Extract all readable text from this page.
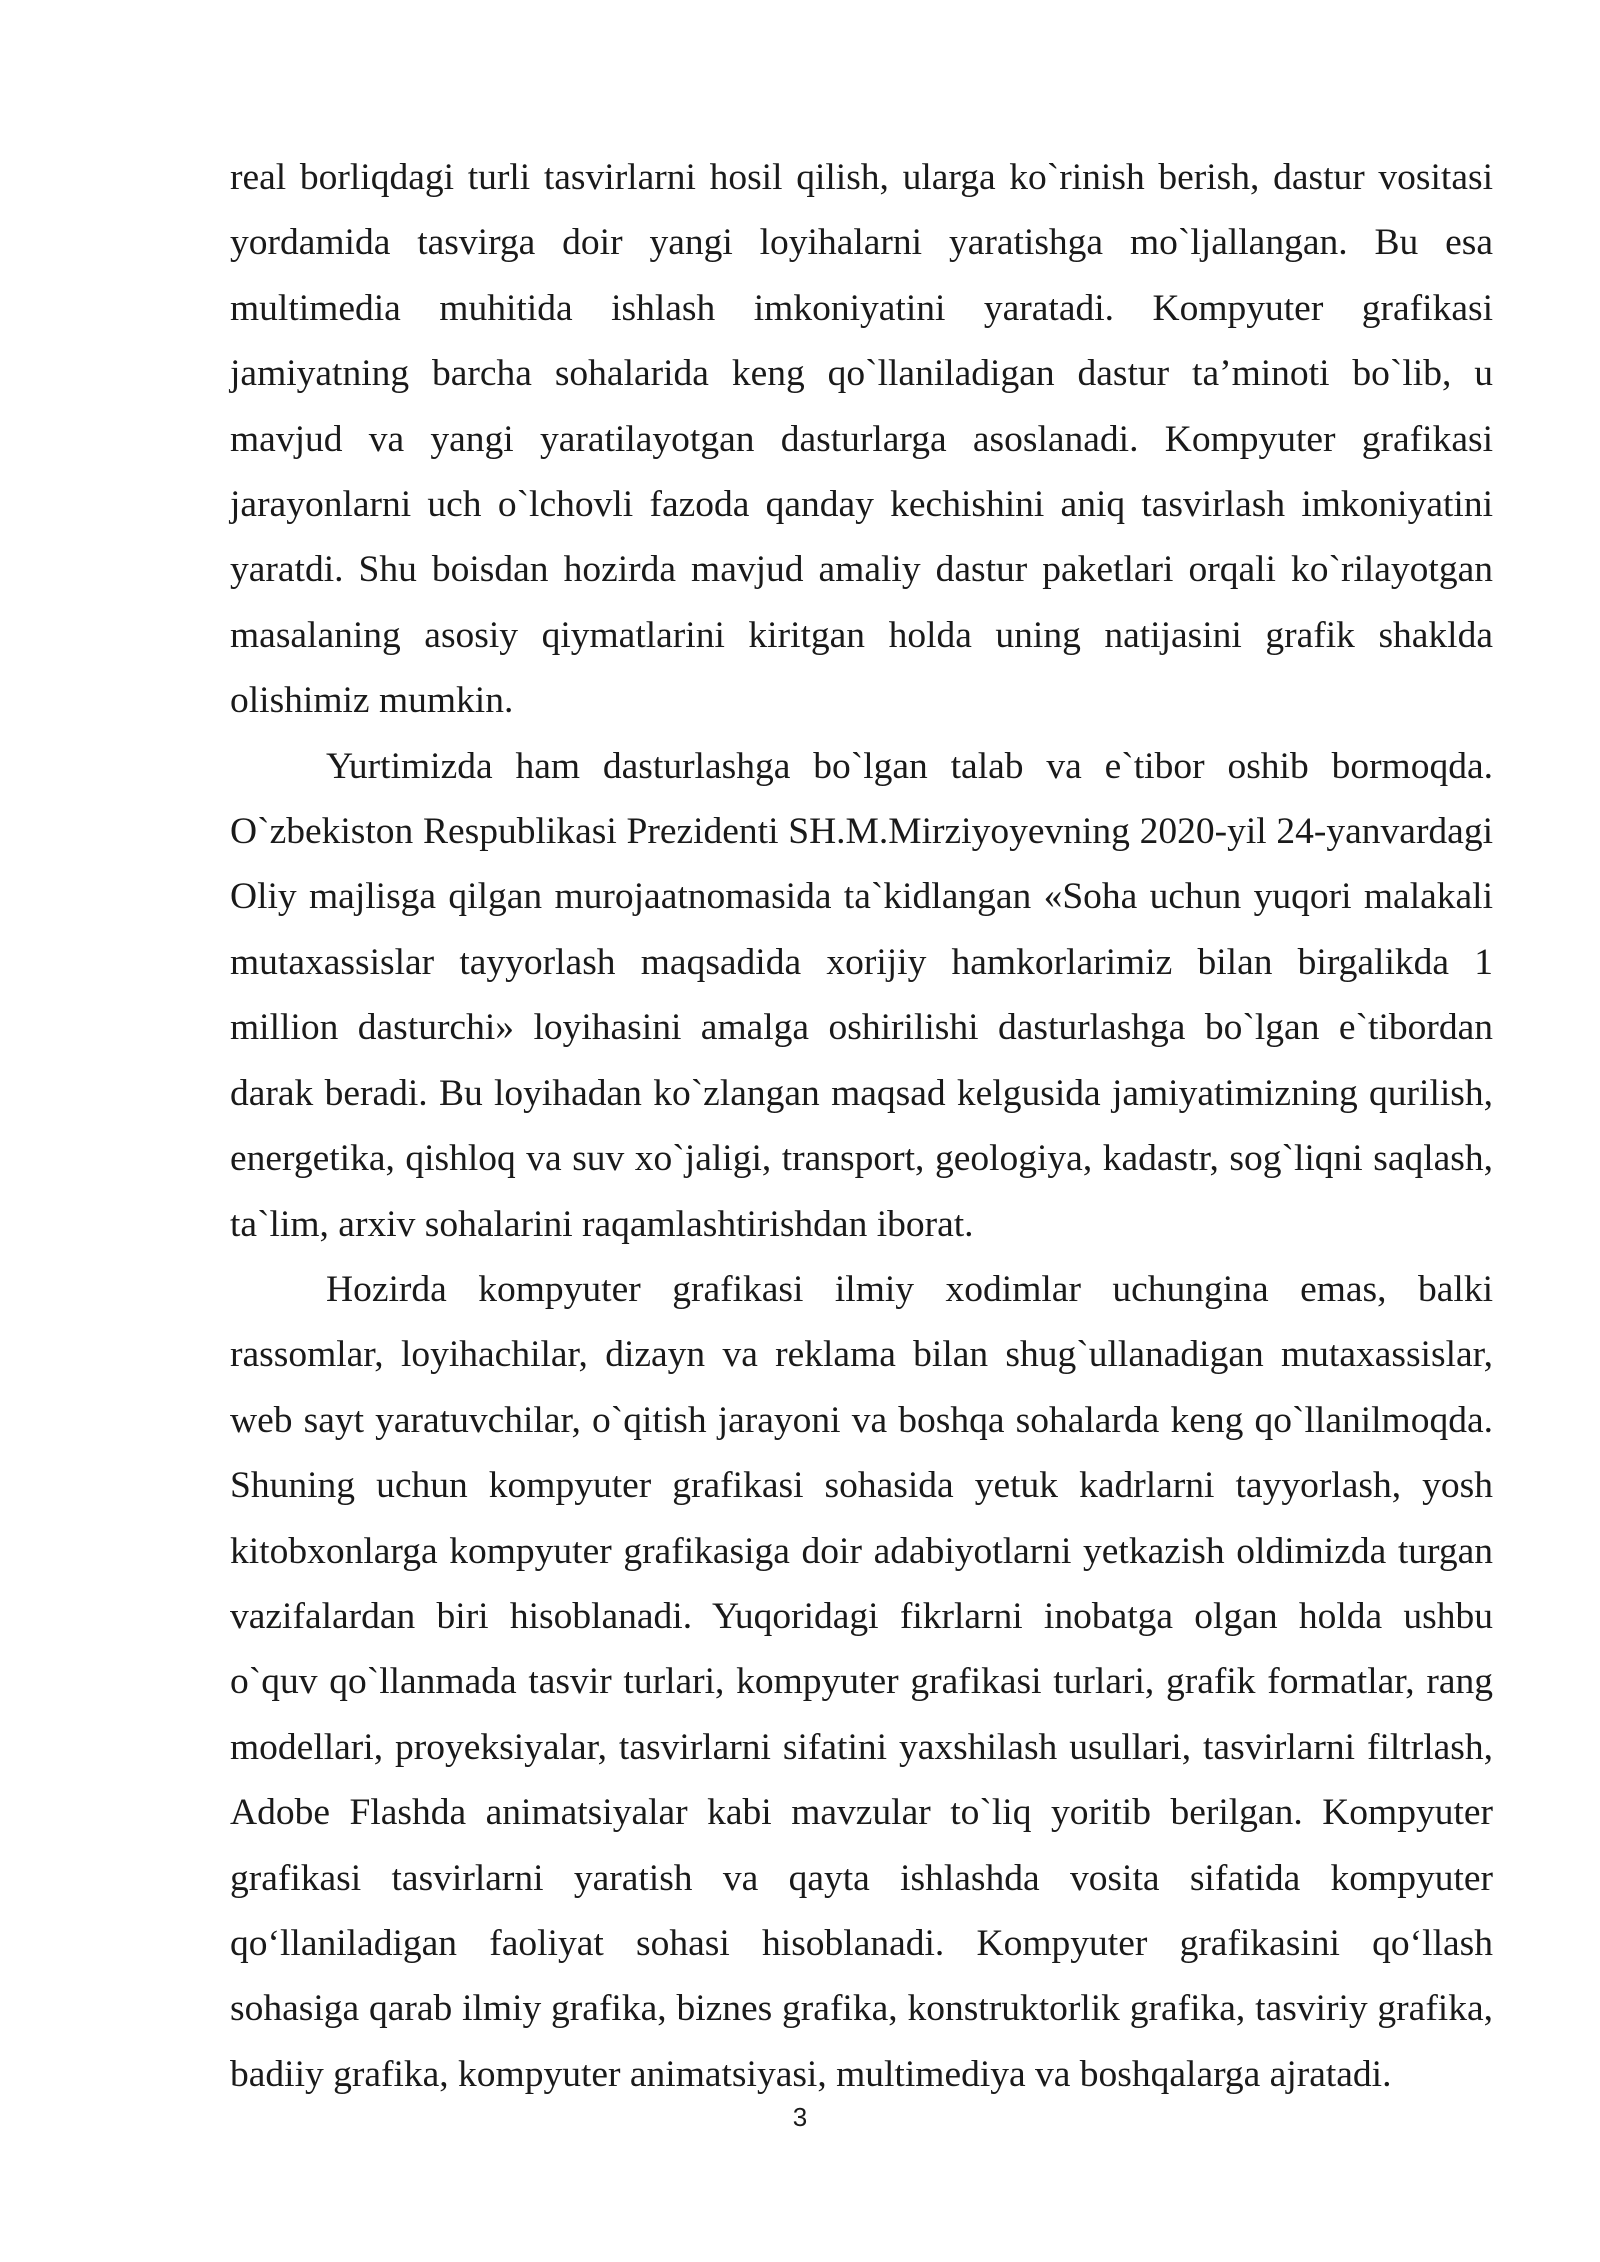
real borliqdagi turli tasvirlarni hosil qilish, ularga ko`rinish berish, dastur vositasi yordamida tasvirga doir yangi loyihalarni yaratishga mo`ljallangan. Bu esa multimedia muhitida ishlash imkoniyatini yaratadi. Kompyuter grafikasi jamiyatning barcha sohalarida keng qo`llaniladigan dastur ta’minoti bo`lib, u mavjud va yangi yaratilayotgan dasturlarga asoslanadi. Kompyuter grafikasi jarayonlarni uch o`lchovli fazoda qanday kechishini aniq tasvirlash imkoniyatini yaratdi. Shu boisdan hozirda mavjud amaliy dastur paketlari orqali ko`rilayotgan masalaning asosiy qiymatlarini kiritgan holda uning natijasini grafik shaklda olishimiz mumkin.

Yurtimizda ham dasturlashga bo`lgan talab va e`tibor oshib bormoqda. O`zbekiston Respublikasi Prezidenti SH.M.Mirziyoyevning 2020-yil 24-yanvardagi Oliy majlisga qilgan murojaatnomasida ta`kidlangan «Soha uchun yuqori malakali mutaxassislar tayyorlash maqsadida xorijiy hamkorlarimiz bilan birgalikda 1 million dasturchi» loyihasini amalga oshirilishi dasturlashga bo`lgan e`tibordan darak beradi. Bu loyihadan ko`zlangan maqsad kelgusida jamiyatimizning qurilish, energetika, qishloq va suv xo`jaligi, transport, geologiya, kadastr, sog`liqni saqlash, ta`lim, arxiv sohalarini raqamlashtirishdan iborat.

Hozirda kompyuter grafikasi ilmiy xodimlar uchungina emas, balki rassomlar, loyihachilar, dizayn va reklama bilan shug`ullanadigan mutaxassislar, web sayt yaratuvchilar, o`qitish jarayoni va boshqa sohalarda keng qo`llanilmoqda. Shuning uchun kompyuter grafikasi sohasida yetuk kadrlarni tayyorlash, yosh kitobxonlarga kompyuter grafikasiga doir adabiyotlarni yetkazish oldimizda turgan vazifalardan biri hisoblanadi. Yuqoridagi fikrlarni inobatga olgan holda ushbu o`quv qo`llanmada tasvir turlari, kompyuter grafikasi turlari, grafik formatlar, rang modellari, proyeksiyalar, tasvirlarni sifatini yaxshilash usullari, tasvirlarni filtrlash, Adobe Flashda animatsiyalar kabi mavzular to`liq yoritib berilgan. Kompyuter grafikasi tasvirlarni yaratish va qayta ishlashda vosita sifatida kompyuter qo‘llaniladigan faoliyat sohasi hisoblanadi. Kompyuter grafikasini qo‘llash sohasiga qarab ilmiy grafika, biznes grafika, konstruktorlik grafika, tasviriy grafika, badiiy grafika, kompyuter animatsiyasi, multimediya va boshqalarga ajratadi.

3
